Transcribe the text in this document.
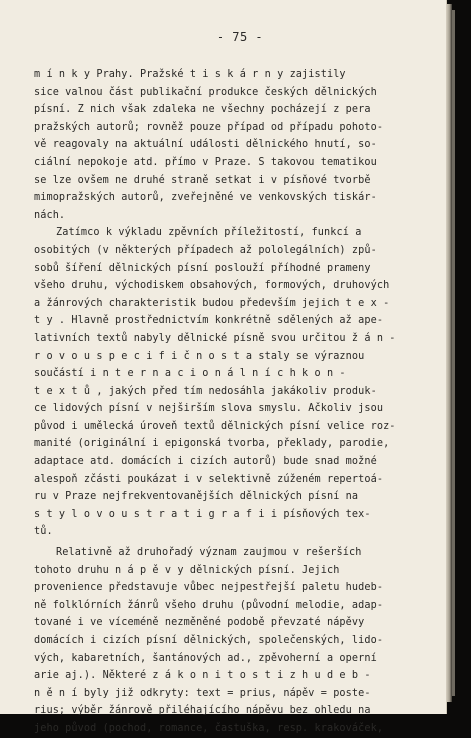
- 75 -
m í n k y Prahy. Pražské t i s k á r n y zajistily
sice valnou část publikační produkce českých dělnických
písní. Z nich však zdaleka ne všechny pocházejí z pera
pražských autorů; rovněž pouze případ od případu pohoto-
vě reagovaly na aktuální události dělnického hnutí, so-
ciální nepokoje atd. přímo v Praze. S takovou tematikou
se lze ovšem ne druhé straně setkat i v písňové tvorbě
mimopražských autorů, zveřejněné ve venkovských tiskár-
nách.
Zatímco k výkladu zpěvních příležitostí, funkcí a
osobitých (v některých případech až pololegálních) způ-
sobů šíření dělnických písní poslouží příhodné prameny
všeho druhu, východiskem obsahových, formových, druhových
a žánrových charakteristik budou především jejich t e x -
t y . Hlavně prostřednictvím konkrétně sdělených až ape-
lativních textů nabyly dělnické písně svou určitou ž á n -
r o v o u s p e c i f i č n o s t a staly se výraznou
součástí i n t e r n a c i o n á l n í c h k o n -
t e x t ů , jakých před tím nedosáhla jakákoliv produk-
ce lidových písní v nejširším slova smyslu. Ačkoliv jsou
původ i umělecká úroveň textů dělnických písní velice roz-
manité (originální i epigonská tvorba, překlady, parodie,
adaptace atd. domácích i cizích autorů) bude snad možné
alespoň zčásti poukázat i v selektivně zúženém repertoá-
ru v Praze nejfrekventovanějších dělnických písní na
s t y l o v o u s t r a t i g r a f i i písňových tex-
tů.
Relativně až druhořadý význam zaujmou v rešerších
tohoto druhu n á p ě v y dělnických písní. Jejich
provenience představuje vůbec nejpestřejší paletu hudeb-
ně folklórních žánrů všeho druhu (původní melodie, adap-
tované i ve víceméně nezměněné podobě převzaté nápěvy
domácích i cizích písní dělnických, společenských, lido-
vých, kabaretních, šantánových ad., zpěvoherní a operní
arie aj.). Některé z á k o n i t o s t i z h u d e b -
n ě n í byly již odkryty: text = prius, nápěv = poste-
rius; výběr žánrově přiléhajícího nápěvu bez ohledu na
jeho původ (pochod, romance, častuška, resp. krakováček,
